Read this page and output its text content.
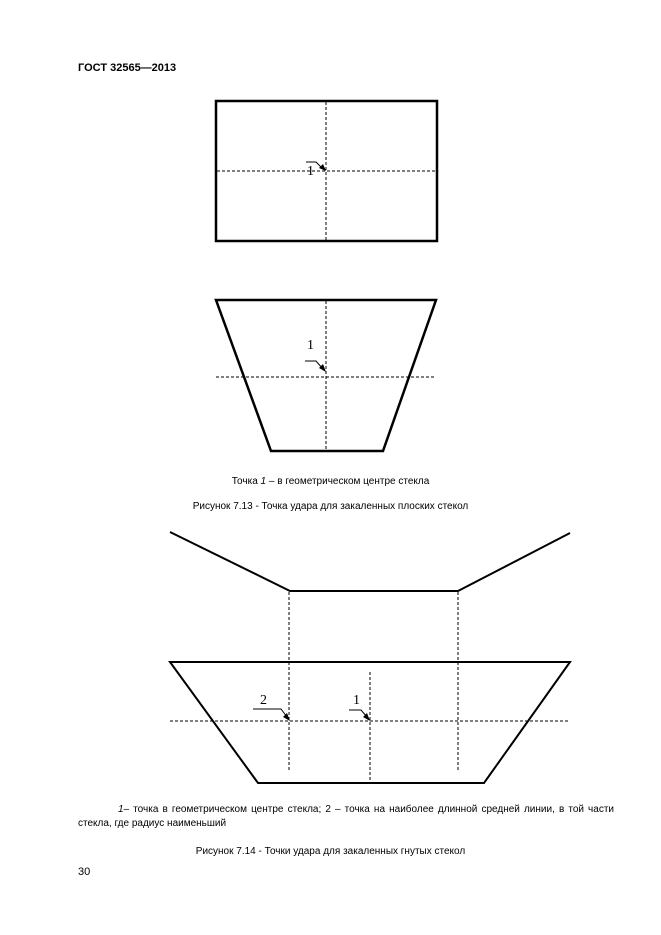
ГОСТ 32565—2013
1
1
2	1
Точка 1 – в геометрическом центре стекла
Рисунок 7.13 - Точка удара для закаленных плоских стекол
1– точка в геометрическом центре стекла; 2 – точка на наиболее длинной средней линии, в той части стекла, где радиус наименьший
Рисунок 7.14 - Точки удара для закаленных гнутых стекол
30
